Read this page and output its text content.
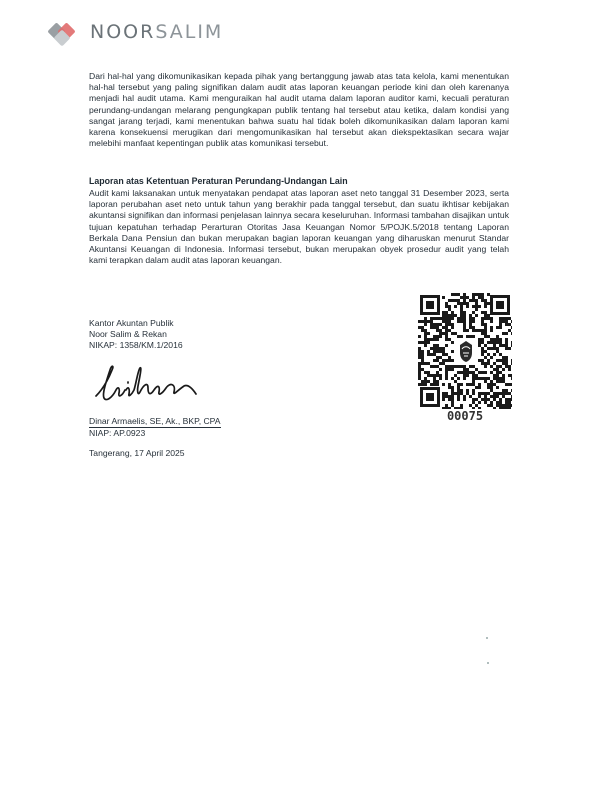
NOORSALIM
Dari hal-hal yang dikomunikasikan kepada pihak yang bertanggung jawab atas tata kelola, kami menentukan hal-hal tersebut yang paling signifikan dalam audit atas laporan keuangan periode kini dan oleh karenanya menjadi hal audit utama. Kami menguraikan hal audit utama dalam laporan auditor kami, kecuali peraturan perundang-undangan melarang pengungkapan publik tentang hal tersebut atau ketika, dalam kondisi yang sangat jarang terjadi, kami menentukan bahwa suatu hal tidak boleh dikomunikasikan dalam laporan kami karena konsekuensi merugikan dari mengomunikasikan hal tersebut akan diekspektasikan secara wajar melebihi manfaat kepentingan publik atas komunikasi tersebut.
Laporan atas Ketentuan Peraturan Perundang-Undangan Lain
Audit kami laksanakan untuk menyatakan pendapat atas laporan aset neto tanggal 31 Desember 2023, serta laporan perubahan aset neto untuk tahun yang berakhir pada tanggal tersebut, dan suatu ikhtisar kebijakan akuntansi signifikan dan informasi penjelasan lainnya secara keseluruhan. Informasi tambahan disajikan untuk tujuan kepatuhan terhadap Perarturan Otoritas Jasa Keuangan Nomor 5/POJK.5/2018 tentang Laporan Berkala Dana Pensiun dan bukan merupakan bagian laporan keuangan yang diharuskan menurut Standar Akuntansi Keuangan di Indonesia. Informasi tersebut, bukan merupakan obyek prosedur audit yang telah kami terapkan dalam audit atas laporan keuangan.
Kantor Akuntan Publik
Noor Salim & Rekan
NIKAP: 1358/KM.1/2016
Dinar Armaelis, SE, Ak., BKP, CPA
NIAP: AP.0923
Tangerang, 17 April 2025
00075
